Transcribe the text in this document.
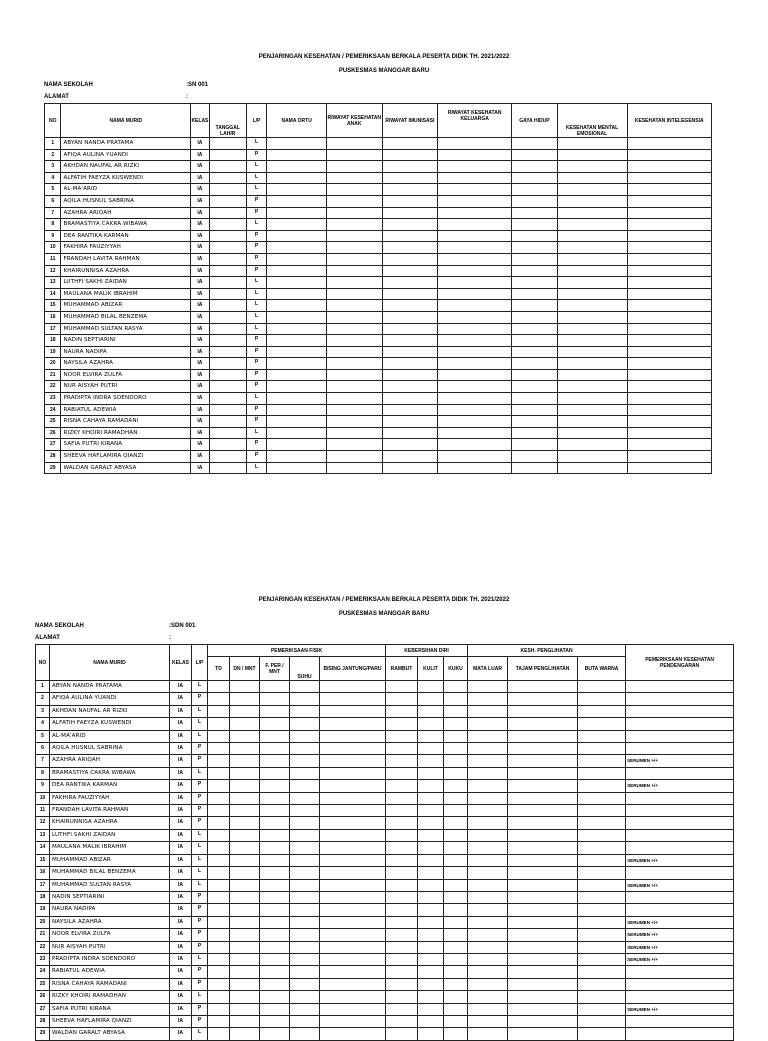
PENJARINGAN KESEHATAN / PEMERIKSAAN BERKALA PESERTA DIDIK TH. 2021/2022
PUSKESMAS MANGGAR BARU
NAMA SEKOLAH	:SN 001
ALAMAT	:
NO	NAMA MURID	KELAS	TANGGAL LAHIR	L/P	NAMA ORTU	RIWAYAT KESEHATAN ANAK	RIWAYAT IMUNISASI	RIWAYAT KESEHATAN KELUARGA	GAYA HIDUP	KESEHATAN MENTAL EMOSIONAL	KESEHATAN INTELEGENSIA
1	ABYAN NANDA PRATAMA	IA		L							
2	AFIQA AULINA YUANDI	IA		P							
3	AKHDAN NAUFAL AR RIZKI	IA		L							
4	ALFATIH FAEYZA KUSWENDI	IA		L							
5	AL-MA'ARID	IA		L							
6	AQILA HUSNUL SABRINA	IA		P							
7	AZAHRA ARIQAH	IA		P							
8	BRAMASTIYA CAKRA WIBAWA	IA		L							
9	DEA RANTIKA KARMAN	IA		P							
10	FAKHIRA FAUZIYYAH	IA		P							
11	FRANDAH LAVITA RAHMAN	IA		P							
12	KHAIRUNNISA AZAHRA	IA		P							
13	LUTHFI SAKHI ZAIDAN	IA		L							
14	MAULANA MALIK IBRAHIM	IA		L							
15	MUHAMMAD ABIZAR	IA		L							
16	MUHAMMAD BILAL BENZEMA	IA		L							
17	MUHAMMAD SULTAN RASYA	IA		L							
18	NADIN SEPTIARINI	IA		P							
19	NAURA NADIPA	IA		P							
20	NAYSILA AZAHRA	IA		P							
21	NOOR ELVIRA ZULFA	IA		P							
22	NUR AISYAH PUTRI	IA		P							
23	PRADIPTA INDRA SOENDORO	IA		L							
24	RABIATUL ADEWIA	IA		P							
25	RISNA CAHAYA RAMADANI	IA		P							
26	RIZKY KHOIRI RAMADHAN	IA		L							
27	SAFIA PUTRI KIRANA	IA		P							
28	SHEEVA HAFLAMIRA QIANZI	IA		P							
29	WALDAN GARALT ABYASA	IA		L							
PENJARINGAN KESEHATAN / PEMERIKSAAN BERKALA PESERTA DIDIK TH. 2021/2022
PUSKESMAS MANGGAR BARU
NAMA SEKOLAH	:SDN 001
ALAMAT	:
NO	NAMA MURID	KELAS	L/P	PEMERIKSAAN FISIK					KEBERSIHAN DIRI			KESH. PENGLIHATAN			PEMERIKSAAN KESEHATAN PENDENGARAN
				TD	DN / MNT	F. PER / MNT	SUHU	BISING JANTUNG/PARU	RAMBUT	KULIT	KUKU	MATA LUAR	TAJAM PENGLIHATAN	BUTA WARNA	
1	ABYAN NANDA PRATAMA	IA	L												
2	AFIQA AULINA YUANDI	IA	P												
3	AKHDAN NAUFAL AR RIZKI	IA	L												
4	ALFATIH FAEYZA KUSWENDI	IA	L												
5	AL-MA'ARID	IA	L												
6	AQILA HUSNUL SABRINA	IA	P												
7	AZAHRA ARIQAH	IA	P												SERUMEN +/+
8	BRAMASTIYA CAKRA WIBAWA	IA	L												
9	DEA RANTIKA KARMAN	IA	P												SERUMEN +/+
10	FAKHIRA FAUZIYYAH	IA	P												
11	FRANDAH LAVITA RAHMAN	IA	P												
12	KHAIRUNNISA AZAHRA	IA	P												
13	LUTHFI SAKHI ZAIDAN	IA	L												
14	MAULANA MALIK IBRAHIM	IA	L												
15	MUHAMMAD ABIZAR	IA	L												SERUMEN +/+
16	MUHAMMAD BILAL BENZEMA	IA	L												
17	MUHAMMAD SULTAN RASYA	IA	L												SERUMEN +/+
18	NADIN SEPTIARINI	IA	P												
19	NAURA NADIPA	IA	P												
20	NAYSILA AZAHRA	IA	P												SERUMEN +/+
21	NOOR ELVIRA ZULFA	IA	P												SERUMEN +/+
22	NUR AISYAH PUTRI	IA	P												SERUMEN +/+
23	PRADIPTA INDRA SOENDORO	IA	L												SERUMEN +/+
24	RABIATUL ADEWIA	IA	P												
25	RISNA CAHAYA RAMADANI	IA	P												
26	RIZKY KHOIRI RAMADHAN	IA	L												
27	SAFIA PUTRI KIRANA	IA	P												SERUMEN +/+
28	SHEEVA HAFLAMIRA QIANZI	IA	P												
29	WALDAN GARALT ABYASA	IA	L												
